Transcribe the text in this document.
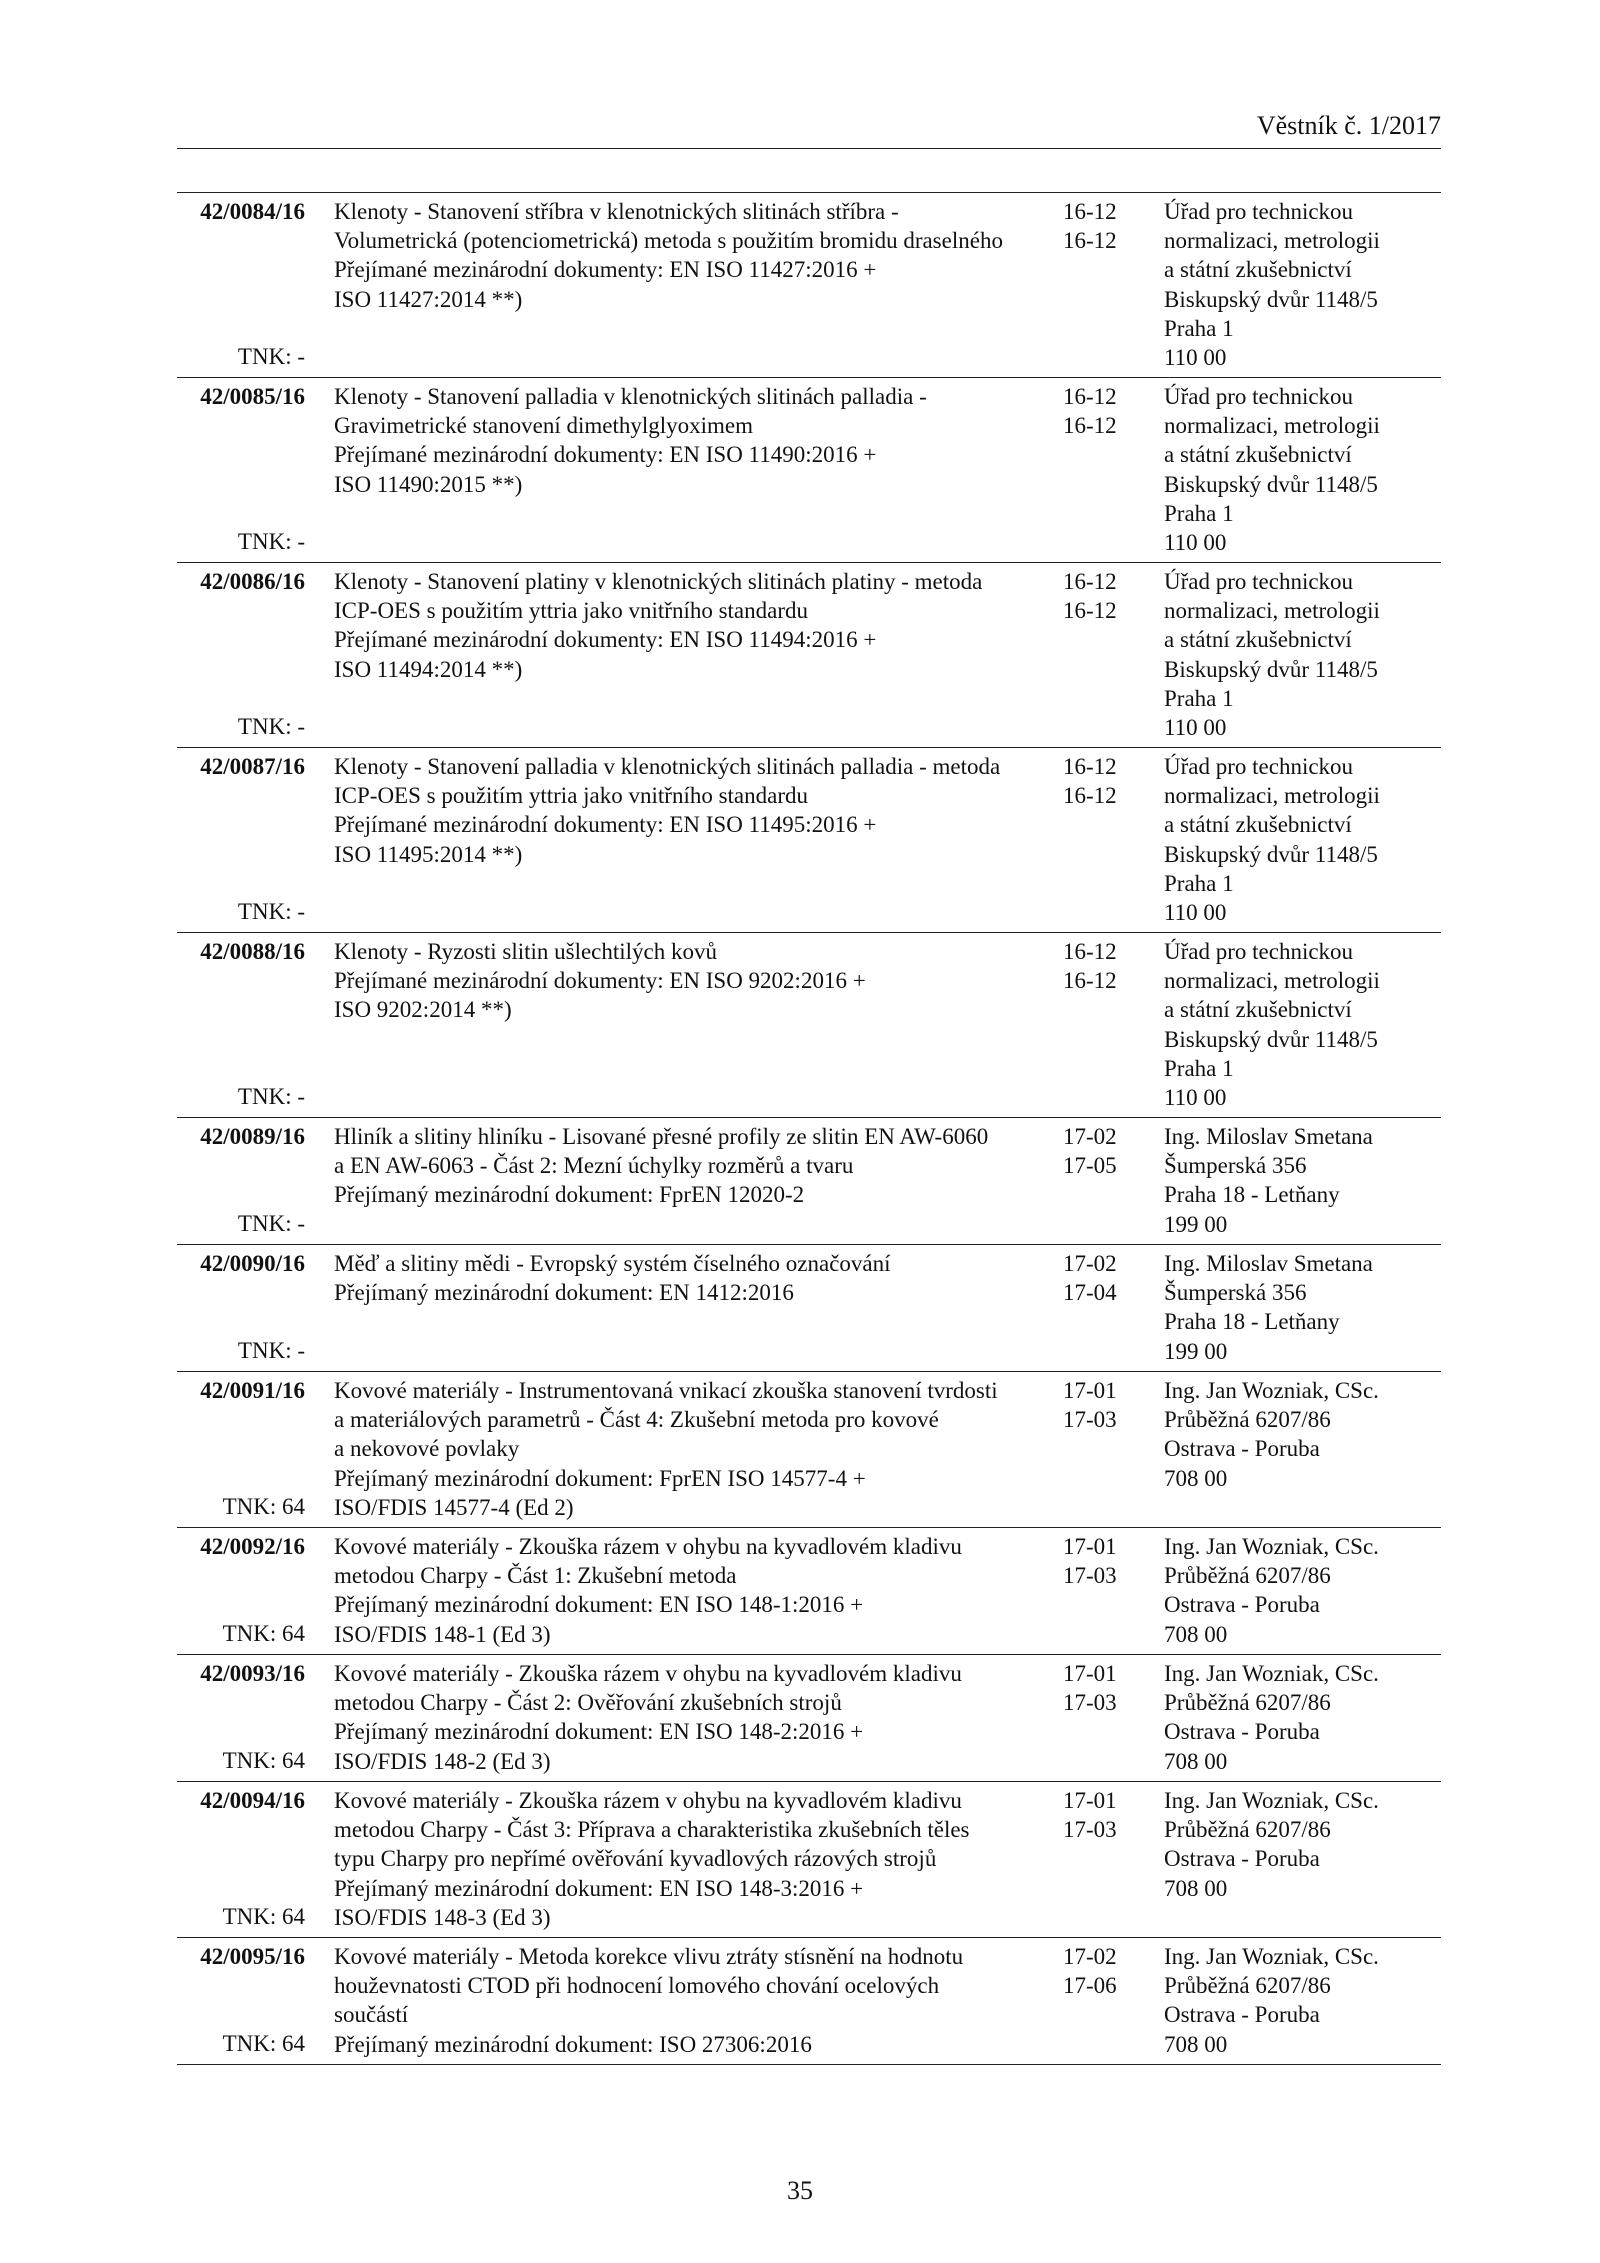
Věstník č. 1/2017
42/0084/16
TNK: -
Klenoty - Stanovení stříbra v klenotnických slitinách stříbra -
Volumetrická (potenciometrická) metoda s použitím bromidu draselného
Přejímané mezinárodní dokumenty: EN ISO 11427:2016 +
ISO 11427:2014 **)
16-12
16-12
Úřad pro technickou
normalizaci, metrologii
a státní zkušebnictví
Biskupský dvůr 1148/5
Praha 1
110 00
42/0085/16
TNK: -
Klenoty - Stanovení palladia v klenotnických slitinách palladia -
Gravimetrické stanovení dimethylglyoximem
Přejímané mezinárodní dokumenty: EN ISO 11490:2016 +
ISO 11490:2015 **)
16-12
16-12
Úřad pro technickou
normalizaci, metrologii
a státní zkušebnictví
Biskupský dvůr 1148/5
Praha 1
110 00
42/0086/16
TNK: -
Klenoty - Stanovení platiny v klenotnických slitinách platiny - metoda
ICP-OES s použitím yttria jako vnitřního standardu
Přejímané mezinárodní dokumenty: EN ISO 11494:2016 +
ISO 11494:2014 **)
16-12
16-12
Úřad pro technickou
normalizaci, metrologii
a státní zkušebnictví
Biskupský dvůr 1148/5
Praha 1
110 00
42/0087/16
TNK: -
Klenoty - Stanovení palladia v klenotnických slitinách palladia - metoda
ICP-OES s použitím yttria jako vnitřního standardu
Přejímané mezinárodní dokumenty: EN ISO 11495:2016 +
ISO 11495:2014 **)
16-12
16-12
Úřad pro technickou
normalizaci, metrologii
a státní zkušebnictví
Biskupský dvůr 1148/5
Praha 1
110 00
42/0088/16
TNK: -
Klenoty - Ryzosti slitin ušlechtilých kovů
Přejímané mezinárodní dokumenty: EN ISO 9202:2016 +
ISO 9202:2014 **)
16-12
16-12
Úřad pro technickou
normalizaci, metrologii
a státní zkušebnictví
Biskupský dvůr 1148/5
Praha 1
110 00
42/0089/16
TNK: -
Hliník a slitiny hliníku - Lisované přesné profily ze slitin EN AW-6060
a EN AW-6063 - Část 2: Mezní úchylky rozměrů a tvaru
Přejímaný mezinárodní dokument: FprEN 12020-2
17-02
17-05
Ing. Miloslav Smetana
Šumperská 356
Praha 18 - Letňany
199 00
42/0090/16
TNK: -
Měď a slitiny mědi - Evropský systém číselného označování
Přejímaný mezinárodní dokument: EN 1412:2016
17-02
17-04
Ing. Miloslav Smetana
Šumperská 356
Praha 18 - Letňany
199 00
42/0091/16
TNK: 64
Kovové materiály - Instrumentovaná vnikací zkouška stanovení tvrdosti
a materiálových parametrů - Část 4: Zkušební metoda pro kovové
a nekovové povlaky
Přejímaný mezinárodní dokument: FprEN ISO 14577-4 +
ISO/FDIS 14577-4 (Ed 2)
17-01
17-03
Ing. Jan Wozniak, CSc.
Průběžná 6207/86
Ostrava - Poruba
708 00
42/0092/16
TNK: 64
Kovové materiály - Zkouška rázem v ohybu na kyvadlovém kladivu
metodou Charpy - Část 1: Zkušební metoda
Přejímaný mezinárodní dokument: EN ISO 148-1:2016 +
ISO/FDIS 148-1 (Ed 3)
17-01
17-03
Ing. Jan Wozniak, CSc.
Průběžná 6207/86
Ostrava - Poruba
708 00
42/0093/16
TNK: 64
Kovové materiály - Zkouška rázem v ohybu na kyvadlovém kladivu
metodou Charpy - Část 2: Ověřování zkušebních strojů
Přejímaný mezinárodní dokument: EN ISO 148-2:2016 +
ISO/FDIS 148-2 (Ed 3)
17-01
17-03
Ing. Jan Wozniak, CSc.
Průběžná 6207/86
Ostrava - Poruba
708 00
42/0094/16
TNK: 64
Kovové materiály - Zkouška rázem v ohybu na kyvadlovém kladivu
metodou Charpy - Část 3: Příprava a charakteristika zkušebních těles
typu Charpy pro nepřímé ověřování kyvadlových rázových strojů
Přejímaný mezinárodní dokument: EN ISO 148-3:2016 +
ISO/FDIS 148-3 (Ed 3)
17-01
17-03
Ing. Jan Wozniak, CSc.
Průběžná 6207/86
Ostrava - Poruba
708 00
42/0095/16
TNK: 64
Kovové materiály - Metoda korekce vlivu ztráty stísnění na hodnotu
houževnatosti CTOD při hodnocení lomového chování ocelových
součástí
Přejímaný mezinárodní dokument: ISO 27306:2016
17-02
17-06
Ing. Jan Wozniak, CSc.
Průběžná 6207/86
Ostrava - Poruba
708 00
35
